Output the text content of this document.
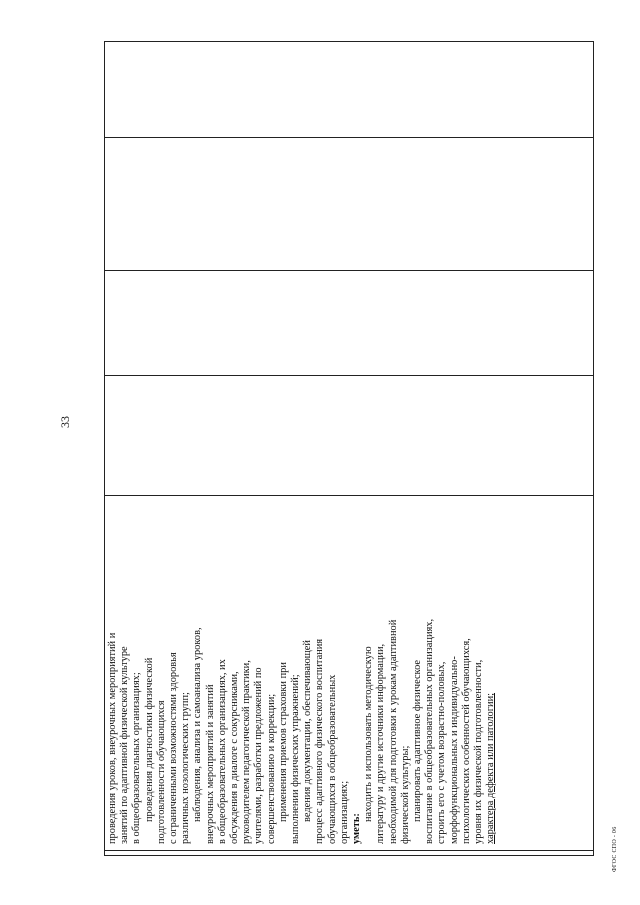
33
проведения уроков, внеурочных мероприятий и занятий по адаптивной физической культуре в общеобразовательных организациях; проведения диагностики физической подготовленности обучающихся с ограниченными возможностями здоровья различных нозологических групп; наблюдения, анализа и самоанализа уроков, внеурочных мероприятий и занятий в общеобразовательных организациях, их обсуждения в диалоге с сокурсниками, руководителем педагогической практики, учителями, разработки предложений по совершенствованию и коррекции; применения приемов страховки при выполнении физических упражнений; ведения документации, обеспечивающей процесс адаптивного физического воспитания обучающихся в общеобразовательных организациях; уметь:
находить и использовать методическую литературу и другие источники информации, необходимой для подготовки к урокам адаптивной физической культуры; планировать адаптивное физическое воспитание в общеобразовательных организациях, строить его с учетом возрастно-половых, морфофункциональных и индивидуально- психологических особенностей обучающихся, уровня их физической подготовленности, характера дефекта или патологии;
ФГОС СПО - 06
